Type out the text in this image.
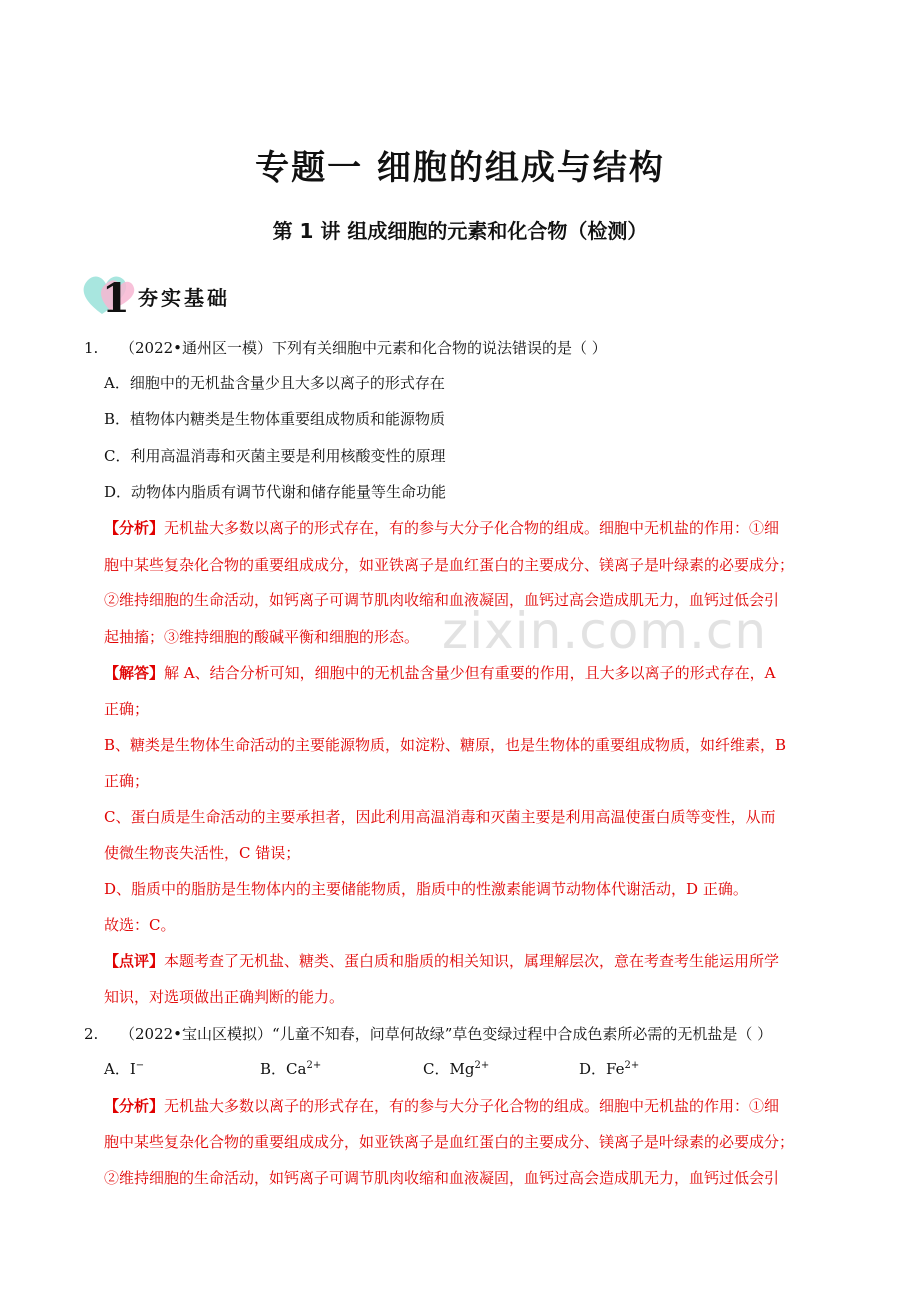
专题一 细胞的组成与结构
第 1 讲 组成细胞的元素和化合物（检测）
1 夯实基础
1. （2022•通州区一模）下列有关细胞中元素和化合物的说法错误的是（ ）
A．细胞中的无机盐含量少且大多以离子的形式存在
B．植物体内糖类是生物体重要组成物质和能源物质
C．利用高温消毒和灭菌主要是利用核酸变性的原理
D．动物体内脂质有调节代谢和储存能量等生命功能
【分析】无机盐大多数以离子的形式存在，有的参与大分子化合物的组成。细胞中无机盐的作用：①细
胞中某些复杂化合物的重要组成成分，如亚铁离子是血红蛋白的主要成分、镁离子是叶绿素的必要成分；
②维持细胞的生命活动，如钙离子可调节肌肉收缩和血液凝固，血钙过高会造成肌无力，血钙过低会引
起抽搐；③维持细胞的酸碱平衡和细胞的形态。
【解答】解 A、结合分析可知，细胞中的无机盐含量少但有重要的作用，且大多以离子的形式存在，A
正确；
B、糖类是生物体生命活动的主要能源物质，如淀粉、糖原，也是生物体的重要组成物质，如纤维素，B
正确；
C、蛋白质是生命活动的主要承担者，因此利用高温消毒和灭菌主要是利用高温使蛋白质等变性，从而
使微生物丧失活性，C 错误；
D、脂质中的脂肪是生物体内的主要储能物质，脂质中的性激素能调节动物体代谢活动，D 正确。
故选：C。
【点评】本题考查了无机盐、糖类、蛋白质和脂质的相关知识，属理解层次，意在考查考生能运用所学
知识，对选项做出正确判断的能力。
2. （2022•宝山区模拟）“儿童不知春，问草何故绿”草色变绿过程中合成色素所必需的无机盐是（ ）
A．I−	B．$Ca^{2+}$	C．$Mg^{2+}$	D．$Fe^{2+}$
【分析】无机盐大多数以离子的形式存在，有的参与大分子化合物的组成。细胞中无机盐的作用：①细
胞中某些复杂化合物的重要组成成分，如亚铁离子是血红蛋白的主要成分、镁离子是叶绿素的必要成分；
②维持细胞的生命活动，如钙离子可调节肌肉收缩和血液凝固，血钙过高会造成肌无力，血钙过低会引
zixin.com.cn
